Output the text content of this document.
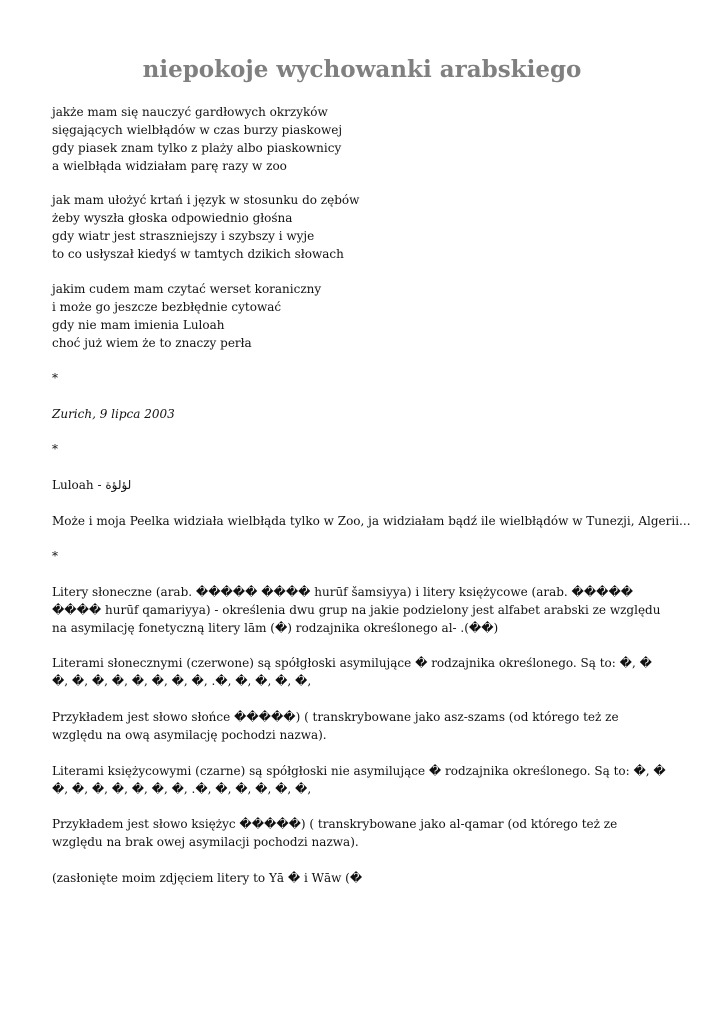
niepokoje wychowanki arabskiego
jakże mam się nauczyć gardłowych okrzyków
sięgających wielbłądów w czas burzy piaskowej
gdy piasek znam tylko z plaży albo piaskownicy
a wielbłąda widziałam parę razy w zoo
jak mam ułożyć krtań i język w stosunku do zębów
żeby wyszła głoska odpowiednio głośna
gdy wiatr jest straszniejszy i szybszy i wyje
to co usłyszał kiedyś w tamtych dzikich słowach
jakim cudem mam czytać werset koraniczny
i może go jeszcze bezbłędnie cytować
gdy nie mam imienia Luloah
choć już wiem że to znaczy perła

*

Zurich, 9 lipca 2003

*

Luloah - لؤلؤة

Może i moja Peelka widziała wielbłąda tylko w Zoo, ja widziałam bądź ile wielbłądów w Tunezji, Algerii...

*

Litery słoneczne (arab. ����� ���� hurūf šamsiyya) i litery księżycowe (arab. ����� ���� hurūf qamariyya) - określenia dwu grup na jakie podzielony jest alfabet arabski ze względu na asymilację fonetyczną litery lām (�) rodzajnika określonego al- .(��)

Literami słonecznymi (czerwone) są spółgłoski asymilujące � rodzajnika określonego. Są to: �, � �, �, �, �, �, �, �, �, .�, �, �, �, �,

Przykładem jest słowo słońce �����) ( transkrybowane jako asz-szams (od którego też ze względu na ową asymilację pochodzi nazwa).

Literami księżycowymi (czarne) są spółgłoski nie asymilujące � rodzajnika określonego. Są to: �, � �, �, �, �, �, �, �, .�, �, �, �, �, �,

Przykładem jest słowo księżyc �����) ( transkrybowane jako al-qamar (od którego też ze względu na brak owej asymilacji pochodzi nazwa).

(zasłonięte moim zdjęciem litery to Yā � i Wāw (�
